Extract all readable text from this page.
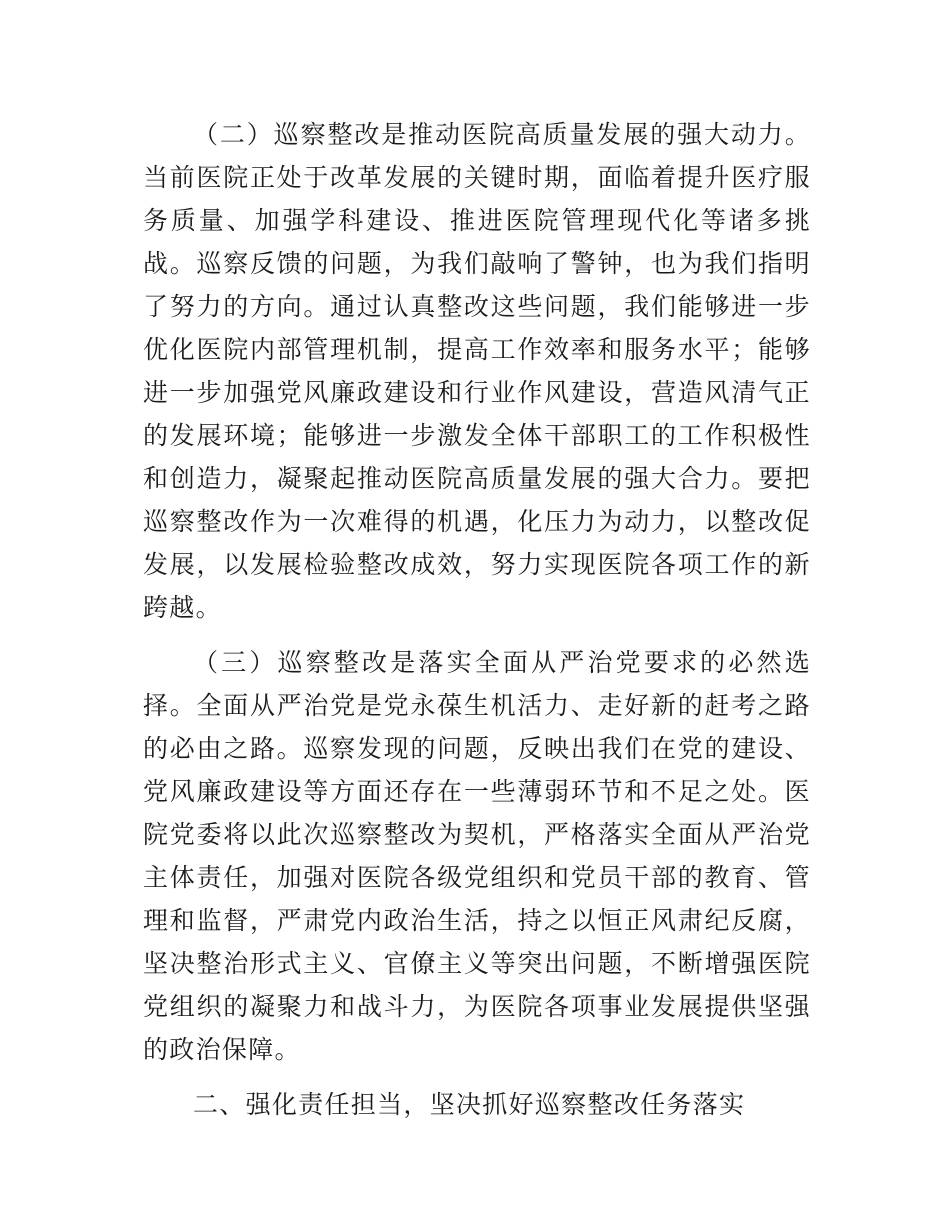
（二）巡察整改是推动医院高质量发展的强大动力。当前医院正处于改革发展的关键时期，面临着提升医疗服务质量、加强学科建设、推进医院管理现代化等诸多挑战。巡察反馈的问题，为我们敲响了警钟，也为我们指明了努力的方向。通过认真整改这些问题，我们能够进一步优化医院内部管理机制，提高工作效率和服务水平；能够进一步加强党风廉政建设和行业作风建设，营造风清气正的发展环境；能够进一步激发全体干部职工的工作积极性和创造力，凝聚起推动医院高质量发展的强大合力。要把巡察整改作为一次难得的机遇，化压力为动力，以整改促发展，以发展检验整改成效，努力实现医院各项工作的新跨越。

（三）巡察整改是落实全面从严治党要求的必然选择。全面从严治党是党永葆生机活力、走好新的赶考之路的必由之路。巡察发现的问题，反映出我们在党的建设、党风廉政建设等方面还存在一些薄弱环节和不足之处。医院党委将以此次巡察整改为契机，严格落实全面从严治党主体责任，加强对医院各级党组织和党员干部的教育、管理和监督，严肃党内政治生活，持之以恒正风肃纪反腐，坚决整治形式主义、官僚主义等突出问题，不断增强医院党组织的凝聚力和战斗力，为医院各项事业发展提供坚强的政治保障。

二、强化责任担当，坚决抓好巡察整改任务落实
